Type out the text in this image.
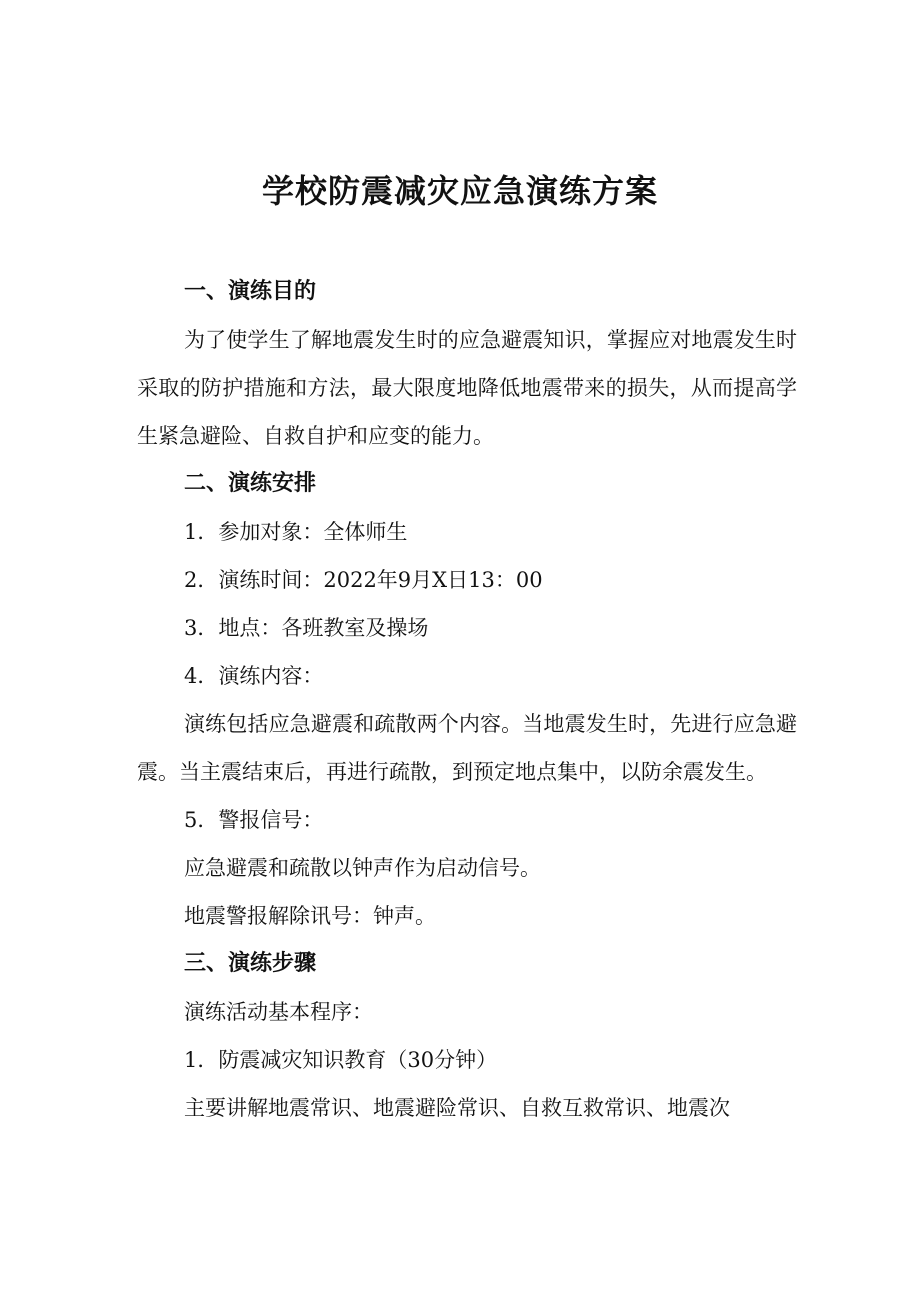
学校防震减灾应急演练方案

一、演练目的

为了使学生了解地震发生时的应急避震知识，掌握应对地震发生时采取的防护措施和方法，最大限度地降低地震带来的损失，从而提高学生紧急避险、自救自护和应变的能力。

二、演练安排

1．参加对象：全体师生

2．演练时间：2022年9月X日13：00

3．地点：各班教室及操场

4．演练内容：

演练包括应急避震和疏散两个内容。当地震发生时，先进行应急避震。当主震结束后，再进行疏散，到预定地点集中，以防余震发生。

5．警报信号：

应急避震和疏散以钟声作为启动信号。

地震警报解除讯号：钟声。

三、演练步骤

演练活动基本程序：

1．防震减灾知识教育（30分钟）

主要讲解地震常识、地震避险常识、自救互救常识、地震次
